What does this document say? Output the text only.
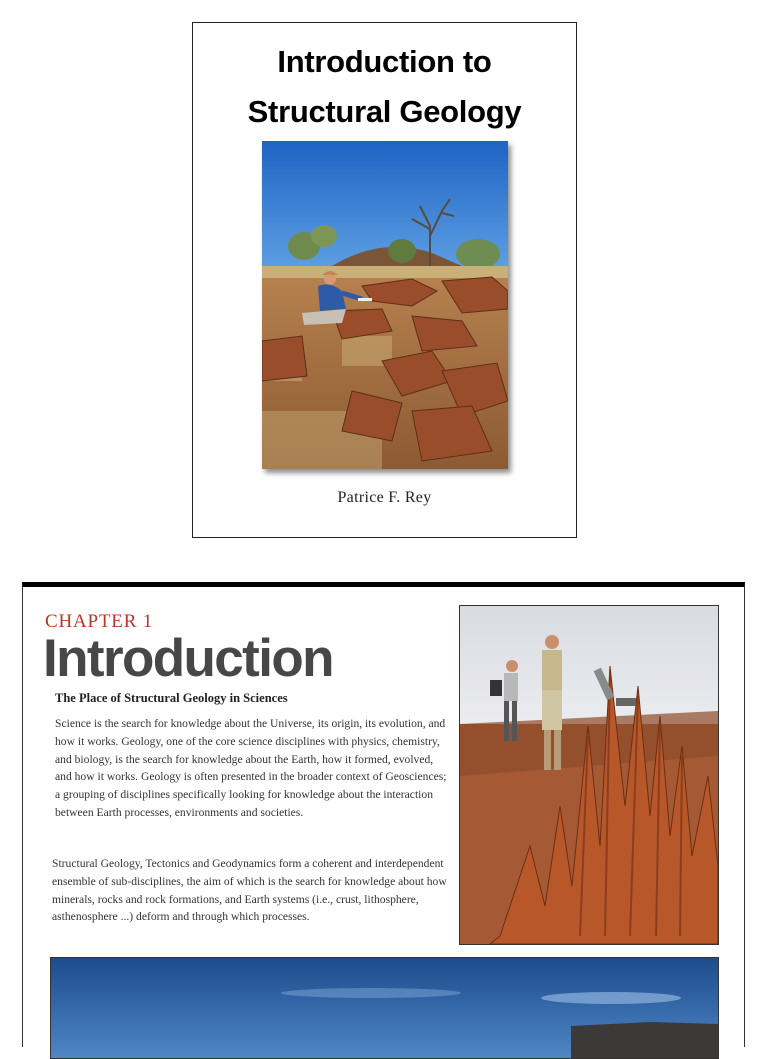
Introduction to
Structural Geology
Patrice F. Rey
CHAPTER 1
Introduction
The Place of Structural Geology in Sciences
Science is the search for knowledge about the Universe, its origin, its evolution, and how it works. Geology, one of the core science disciplines with physics, chemistry, and biology, is the search for knowledge about the Earth, how it formed, evolved, and how it works. Geology is often presented in the broader context of Geosciences; a grouping of disciplines specifically looking for knowledge about the interaction between Earth processes, environments and societies.
Structural Geology, Tectonics and Geodynamics form a coherent and interdependent ensemble of sub-disciplines, the aim of which is the search for knowledge about how minerals, rocks and rock formations, and Earth systems (i.e., crust, lithosphere, asthenosphere ...) deform and through which processes.
